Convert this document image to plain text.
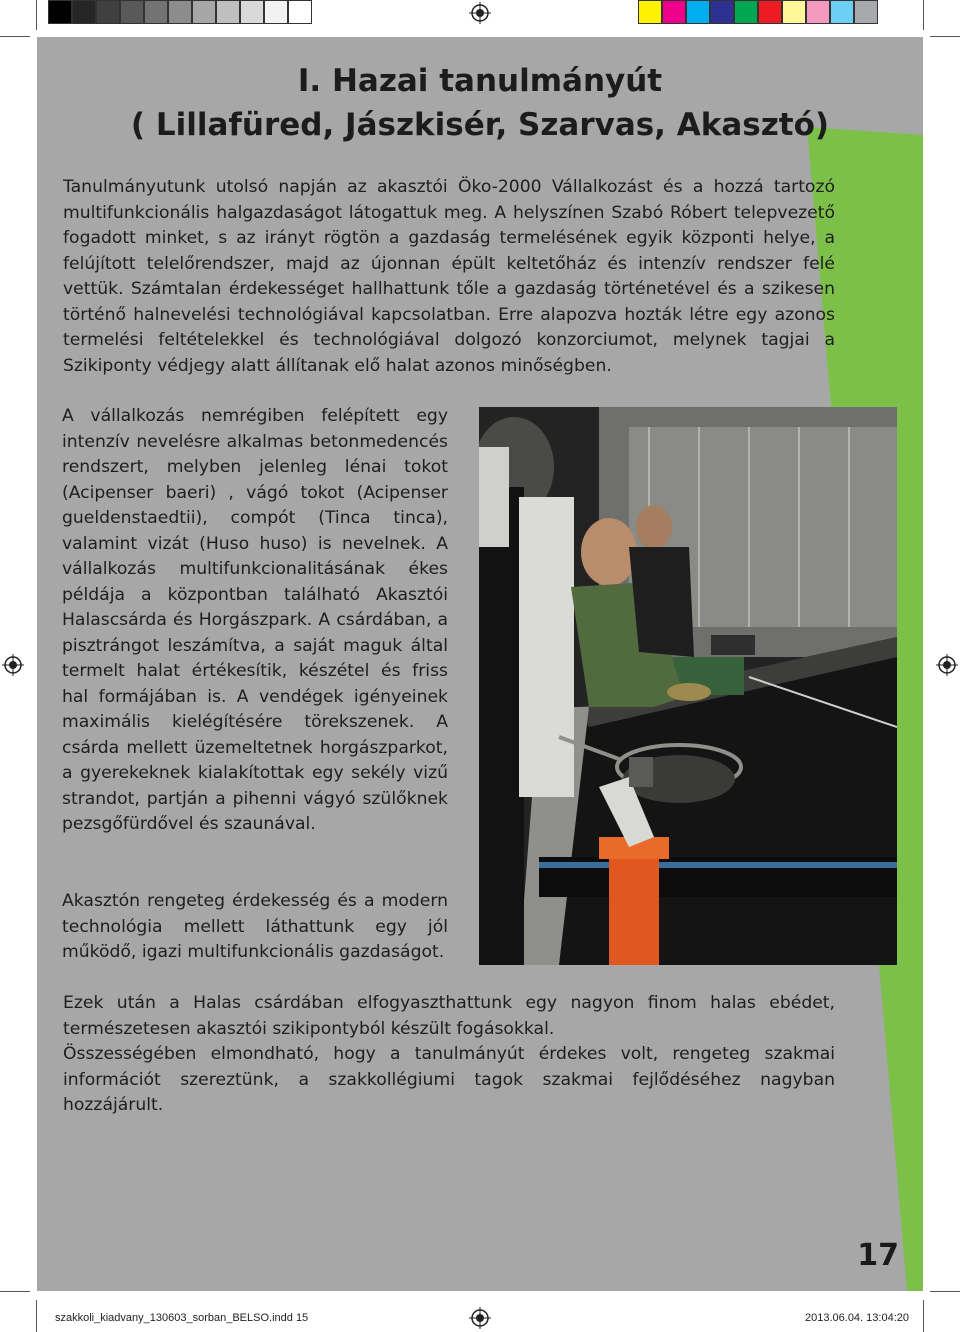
I. Hazai tanulmányút
( Lillafüred, Jászkisér, Szarvas, Akasztó)

Tanulmányutunk utolsó napján az akasztói Öko-2000 Vállalkozást és a hozzá tartozó multifunkcionális halgazdaságot látogattuk meg. A helyszínen Szabó Róbert telepvezető fogadott minket, s az irányt rögtön a gazdaság termelésének egyik központi helye, a felújított telelőrendszer, majd az újonnan épült keltetőház és intenzív rendszer felé vettük. Számtalan érdekességet hallhattunk tőle a gazdaság történetével és a szikesen történő halnevelési technológiával kapcsolatban. Erre alapozva hozták létre egy azonos termelési feltételekkel és technológiával dolgozó konzorciumot, melynek tagjai a Szikiponty védjegy alatt állítanak elő halat azonos minőségben.

A vállalkozás nemrégiben felépített egy intenzív nevelésre alkalmas betonmedencés rendszert, melyben jelenleg lénai tokot (Acipenser baeri) , vágó tokot (Acipenser gueldenstaedtii), compót (Tinca tinca), valamint vizát (Huso huso) is nevelnek. A vállalkozás multifunkcionalitásának ékes példája a központban található Akasztói Halascsárda és Horgászpark. A csárdában, a pisztrángot leszámítva, a saját maguk által termelt halat értékesítik, készétel és friss hal formájában is. A vendégek igényeinek maximális kielégítésére törekszenek. A csárda mellett üzemeltetnek horgászparkot, a gyerekeknek kialakítottak egy sekély vizű strandot, partján a pihenni vágyó szülőknek pezsgőfürdővel és szaunával.

Akasztón rengeteg érdekesség és a modern technológia mellett láthattunk egy jól működő, igazi multifunkcionális gazdaságot.

Ezek után a Halas csárdában elfogyaszthattunk egy nagyon finom halas ebédet, természetesen akasztói szikipontyból készült fogásokkal.

Összességében elmondható, hogy a tanulmányút érdekes volt, rengeteg szakmai információt szereztünk, a szakkollégiumi tagok szakmai fejlődéséhez nagyban hozzájárult.

17

szakkoli_kiadvany_130603_sorban_BELSO.indd 15	2013.06.04. 13:04:20
